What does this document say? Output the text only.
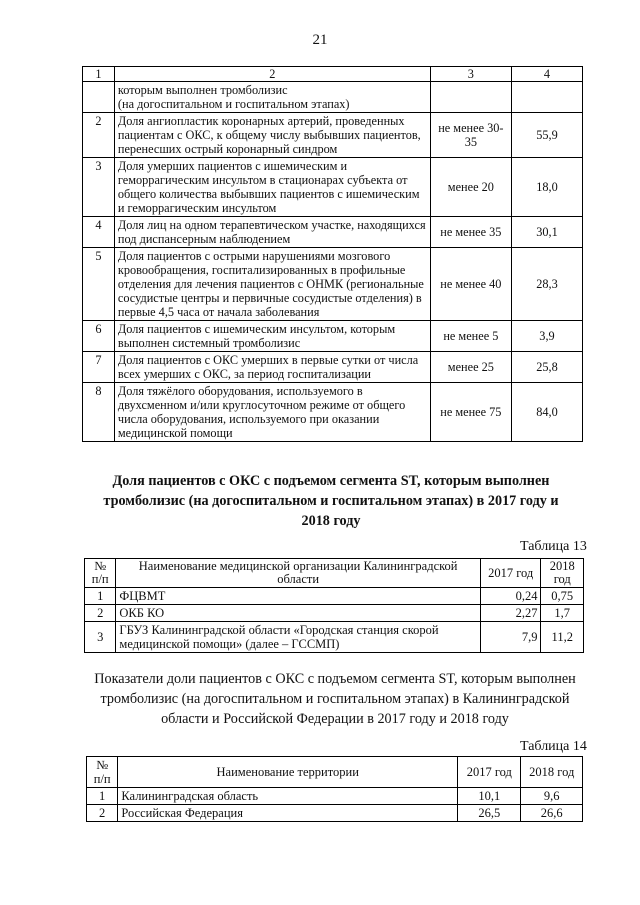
21
1	2	3	4
	которым выполнен тромболизис
(на догоспитальном и госпитальном этапах)		
2	Доля ангиопластик коронарных артерий, проведенных пациентам с ОКС, к общему числу выбывших пациентов, перенесших острый коронарный синдром	не менее 30-35	55,9
3	Доля умерших пациентов с ишемическим и геморрагическим инсультом в стационарах субъекта от общего количества выбывших пациентов с ишемическим и геморрагическим инсультом	менее 20	18,0
4	Доля лиц на одном терапевтическом участке, находящихся под диспансерным наблюдением	не менее 35	30,1
5	Доля пациентов с острыми нарушениями мозгового кровообращения, госпитализированных в профильные отделения для лечения пациентов с ОНМК (региональные сосудистые центры и первичные сосудистые отделения) в первые 4,5 часа от начала заболевания	не менее 40	28,3
6	Доля пациентов с ишемическим инсультом, которым выполнен системный тромболизис	не менее 5	3,9
7	Доля пациентов с ОКС умерших в первые сутки от числа всех умерших с ОКС, за период госпитализации	менее 25	25,8
8	Доля тяжёлого оборудования, используемого в двухсменном и/или круглосуточном режиме от общего числа оборудования, используемого при оказании медицинской помощи	не менее 75	84,0
Доля пациентов с ОКС с подъемом сегмента ST, которым выполнен тромболизис (на догоспитальном и госпитальном этапах) в 2017 году и 2018 году
Таблица 13
№ п/п	Наименование медицинской организации Калининградской области	2017 год	2018 год
1	ФЦВМТ	0,24	0,75
2	ОКБ КО	2,27	1,7
3	ГБУЗ Калининградской области «Городская станция скорой медицинской помощи» (далее – ГССМП)	7,9	11,2
Показатели доли пациентов с ОКС с подъемом сегмента ST, которым выполнен тромболизис (на догоспитальном и госпитальном этапах) в Калининградской области и Российской Федерации в 2017 году и 2018 году
Таблица 14
№ п/п	Наименование территории	2017 год	2018 год
1	Калининградская область	10,1	9,6
2	Российская Федерация	26,5	26,6
